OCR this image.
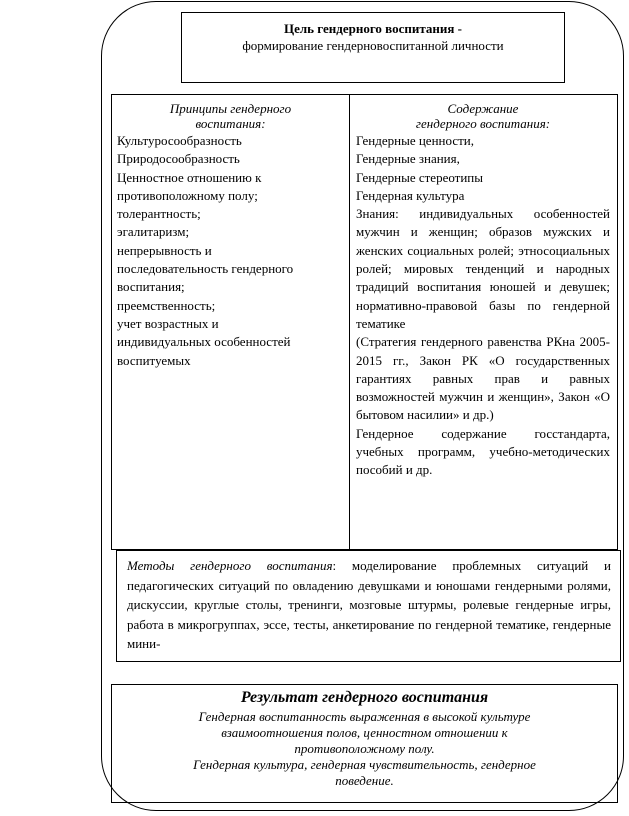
Цель гендерного воспитания -
формирование гендерновоспитанной личности
Принципы гендерного
воспитания:
Культуросообразность
Природосообразность
Ценностное отношению к
противоположному полу;
толерантность;
эгалитаризм;
непрерывность и
последовательность гендерного
воспитания;
преемственность;
учет возрастных и
индивидуальных особенностей
воспитуемых
Содержание
гендерного воспитания:
Гендерные ценности,
Гендерные знания,
Гендерные стереотипы
Гендерная культура
Знания: индивидуальных особенностей мужчин и женщин; образов мужских и женских социальных ролей; этносоциальных ролей; мировых тенденций и народных традиций воспитания юношей и девушек; нормативно-правовой базы по гендерной тематике
(Стратегия гендерного равенства РКна 2005-2015 гг., Закон РК «О государственных гарантиях равных прав и равных возможностей мужчин и женщин», Закон «О бытовом насилии» и др.)
Гендерное содержание госстандарта, учебных программ, учебно-методических пособий и др.
Методы гендерного воспитания: моделирование проблемных ситуаций и педагогических ситуаций по овладению девушками и юношами гендерными ролями, дискуссии, круглые столы, тренинги, мозговые штурмы, ролевые гендерные игры, работа в микрогруппах, эссе, тесты, анкетирование по гендерной тематике, гендерные мини-
Результат гендерного воспитания
Гендерная воспитанность выраженная в высокой культуре
взаимоотношения полов, ценностном отношении к
противоположному полу.
Гендерная культура, гендерная чувствительность, гендерное
поведение.
